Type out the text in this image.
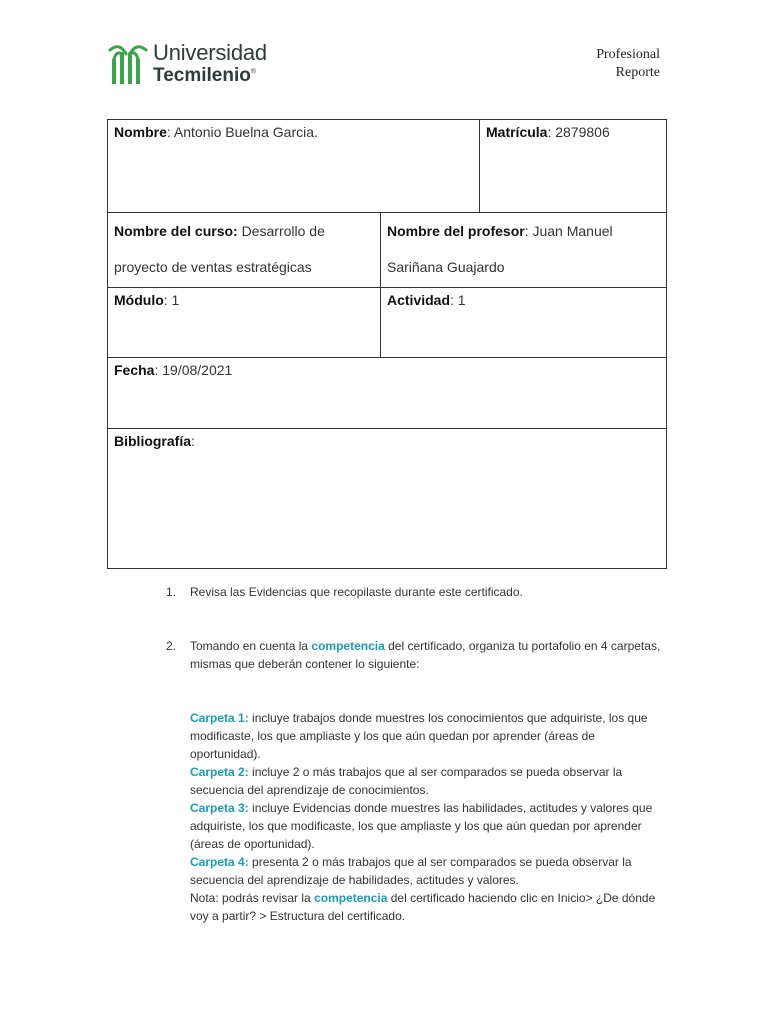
Universidad
Tecmilenio®
Profesional
Reporte
Nombre: Antonio Buelna Garcia.		Matrícula: 2879806
Nombre del curso: Desarrollo de proyecto de ventas estratégicas	Nombre del profesor: Juan Manuel Sariñana Guajardo	
Módulo: 1	Actividad: 1	
Fecha: 19/08/2021		
Bibliografía:		
1. Revisa las Evidencias que recopilaste durante este certificado.
2. Tomando en cuenta la competencia del certificado, organiza tu portafolio en 4 carpetas, mismas que deberán contener lo siguiente:
Carpeta 1: incluye trabajos donde muestres los conocimientos que adquiriste, los que modificaste, los que ampliaste y los que aún quedan por aprender (áreas de oportunidad).
Carpeta 2: incluye 2 o más trabajos que al ser comparados se pueda observar la secuencia del aprendizaje de conocimientos.
Carpeta 3: incluye Evidencias donde muestres las habilidades, actitudes y valores que adquiriste, los que modificaste, los que ampliaste y los que aún quedan por aprender (áreas de oportunidad).
Carpeta 4: presenta 2 o más trabajos que al ser comparados se pueda observar la secuencia del aprendizaje de habilidades, actitudes y valores.
Nota: podrás revisar la competencia del certificado haciendo clic en Inicio> ¿De dónde voy a partir? > Estructura del certificado.
